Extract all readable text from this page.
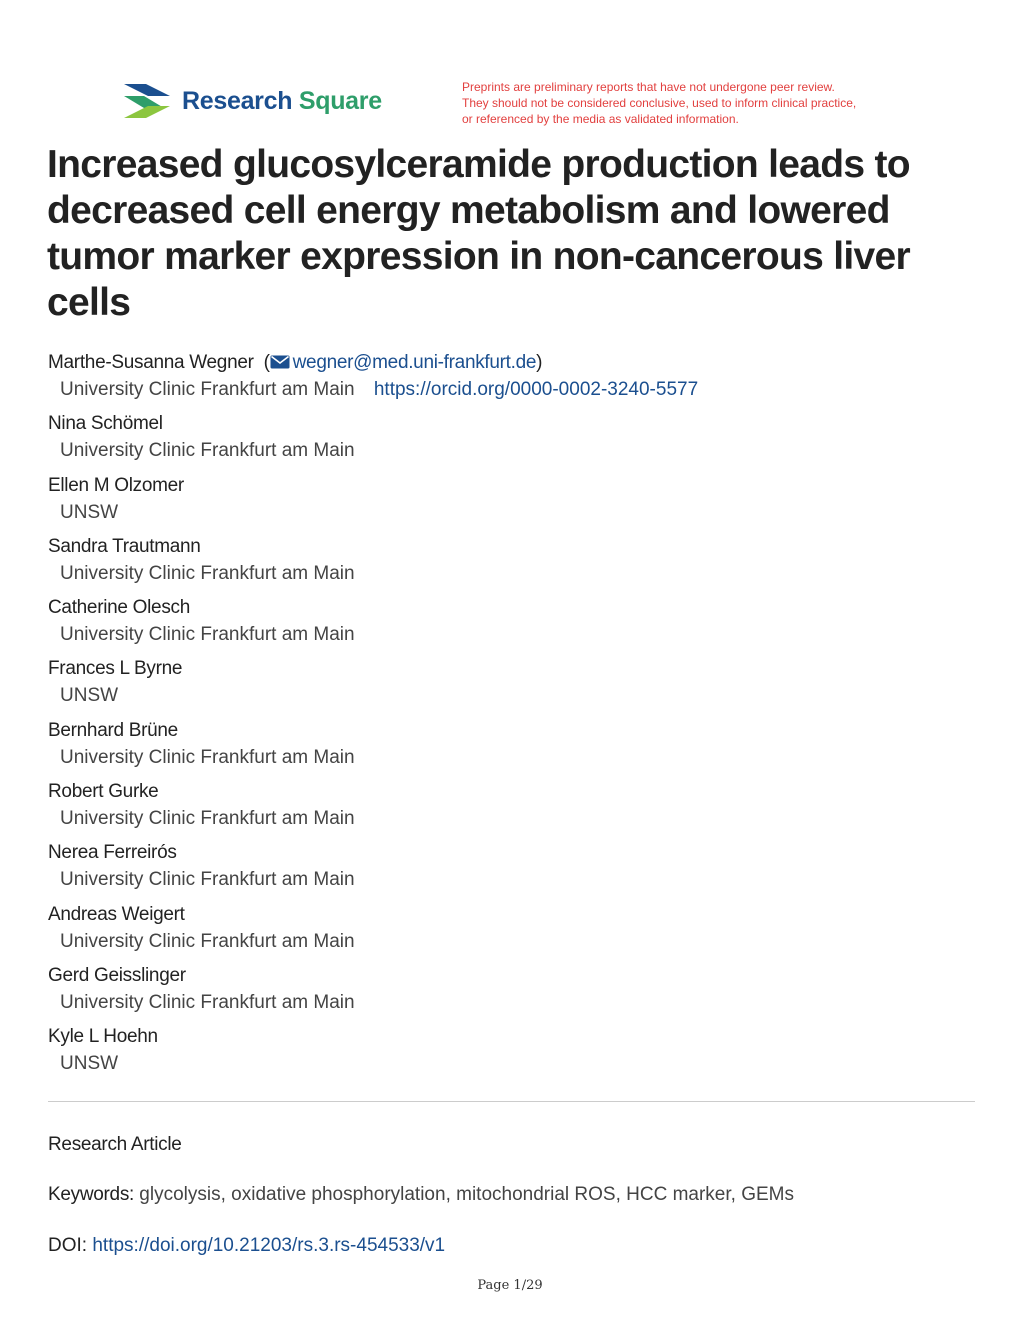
Research Square	Preprints are preliminary reports that have not undergone peer review.
They should not be considered conclusive, used to inform clinical practice,
or referenced by the media as validated information.
Increased glucosylceramide production leads to decreased cell energy metabolism and lowered tumor marker expression in non-cancerous liver cells
Marthe-Susanna Wegner  ( wegner@med.uni-frankfurt.de)
University Clinic Frankfurt am Main https://orcid.org/0000-0002-3240-5577
Nina Schömel
University Clinic Frankfurt am Main
Ellen M Olzomer
UNSW
Sandra Trautmann
University Clinic Frankfurt am Main
Catherine Olesch
University Clinic Frankfurt am Main
Frances L Byrne
UNSW
Bernhard Brüne
University Clinic Frankfurt am Main
Robert Gurke
University Clinic Frankfurt am Main
Nerea Ferreirós
University Clinic Frankfurt am Main
Andreas Weigert
University Clinic Frankfurt am Main
Gerd Geisslinger
University Clinic Frankfurt am Main
Kyle L Hoehn
UNSW
Research Article
Keywords: glycolysis, oxidative phosphorylation, mitochondrial ROS, HCC marker, GEMs
DOI: https://doi.org/10.21203/rs.3.rs-454533/v1
Page 1/29
